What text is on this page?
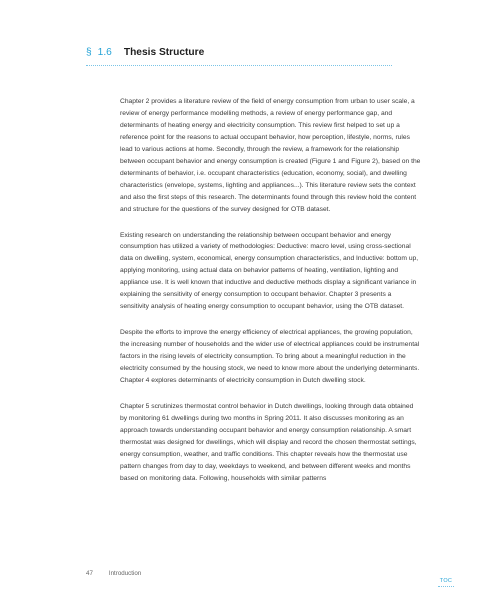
§ 1.6 Thesis Structure

Chapter 2 provides a literature review of the field of energy consumption from urban to user scale, a review of energy performance modelling methods, a review of energy performance gap, and determinants of heating energy and electricity consumption. This review first helped to set up a reference point for the reasons to actual occupant behavior, how perception, lifestyle, norms, rules lead to various actions at home. Secondly, through the review, a framework for the relationship between occupant behavior and energy consumption is created (Figure 1 and Figure 2), based on the determinants of behavior, i.e. occupant characteristics (education, economy, social), and dwelling characteristics (envelope, systems, lighting and appliances...). This literature review sets the context and also the first steps of this research. The determinants found through this review hold the content and structure for the questions of the survey designed for OTB dataset.

Existing research on understanding the relationship between occupant behavior and energy consumption has utilized a variety of methodologies: Deductive: macro level, using cross-sectional data on dwelling, system, economical, energy consumption characteristics, and Inductive: bottom up, applying monitoring, using actual data on behavior patterns of heating, ventilation, lighting and appliance use. It is well known that inductive and deductive methods display a significant variance in explaining the sensitivity of energy consumption to occupant behavior. Chapter 3 presents a sensitivity analysis of heating energy consumption to occupant behavior, using the OTB dataset.

Despite the efforts to improve the energy efficiency of electrical appliances, the growing population, the increasing number of households and the wider use of electrical appliances could be instrumental factors in the rising levels of electricity consumption. To bring about a meaningful reduction in the electricity consumed by the housing stock, we need to know more about the underlying determinants. Chapter 4 explores determinants of electricity consumption in Dutch dwelling stock.

Chapter 5 scrutinizes thermostat control behavior in Dutch dwellings, looking through data obtained by monitoring 61 dwellings during two months in Spring 2011. It also discusses monitoring as an approach towards understanding occupant behavior and energy consumption relationship. A smart thermostat was designed for dwellings, which will display and record the chosen thermostat settings, energy consumption, weather, and traffic conditions. This chapter reveals how the thermostat use pattern changes from day to day, weekdays to weekend, and between different weeks and months based on monitoring data. Following, households with similar patterns

47	Introduction
TOC
